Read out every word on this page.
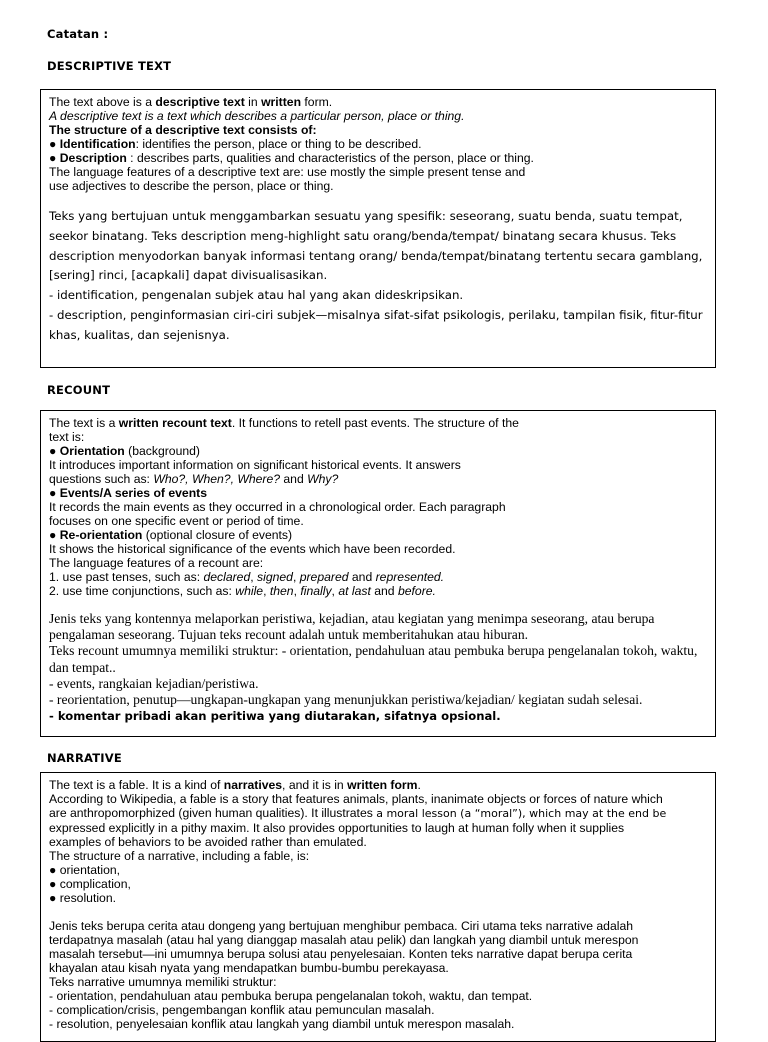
Catatan :
DESCRIPTIVE TEXT

The text above is a descriptive text in written form.

A descriptive text is a text which describes a particular person, place or thing.

The structure of a descriptive text consists of:

● Identification: identifies the person, place or thing to be described.

● Description : describes parts, qualities and characteristics of the person, place or thing.

The language features of a descriptive text are: use mostly the simple present tense and

use adjectives to describe the person, place or thing.

Teks yang bertujuan untuk menggambarkan sesuatu yang spesifik: seseorang, suatu benda, suatu tempat, seekor binatang. Teks description meng-highlight satu orang/benda/tempat/ binatang secara khusus. Teks description menyodorkan banyak informasi tentang orang/ benda/tempat/binatang tertentu secara gamblang, [sering] rinci, [acapkali] dapat divisualisasikan.

- identification, pengenalan subjek atau hal yang akan dideskripsikan.

- description, penginformasian ciri-ciri subjek—misalnya sifat-sifat psikologis, perilaku, tampilan fisik, fitur-fitur khas, kualitas, dan sejenisnya.

RECOUNT

The text is a written recount text. It functions to retell past events. The structure of the

text is:

● Orientation (background)

It introduces important information on significant historical events. It answers

questions such as: Who?, When?, Where? and Why?

● Events/A series of events

It records the main events as they occurred in a chronological order. Each paragraph

focuses on one specific event or period of time.

● Re-orientation (optional closure of events)

It shows the historical significance of the events which have been recorded.

The language features of a recount are:

1. use past tenses, such as: declared, signed, prepared and represented.

2. use time conjunctions, such as: while, then, finally, at last and before.

Jenis teks yang kontennya melaporkan peristiwa, kejadian, atau kegiatan yang menimpa seseorang, atau berupa pengalaman seseorang. Tujuan teks recount adalah untuk memberitahukan atau hiburan.

Teks recount umumnya memiliki struktur: - orientation, pendahuluan atau pembuka berupa pengelanalan tokoh, waktu, dan tempat..

- events, rangkaian kejadian/peristiwa.

- reorientation, penutup—ungkapan-ungkapan yang menunjukkan peristiwa/kejadian/ kegiatan sudah selesai.

- komentar pribadi akan peritiwa yang diutarakan, sifatnya opsional.

NARRATIVE

The text is a fable. It is a kind of narratives, and it is in written form.

According to Wikipedia, a fable is a story that features animals, plants, inanimate objects or forces of nature which

are anthropomorphized (given human qualities). It illustrates a moral lesson (a “moral”), which may at the end be

expressed explicitly in a pithy maxim. It also provides opportunities to laugh at human folly when it supplies

examples of behaviors to be avoided rather than emulated.

The structure of a narrative, including a fable, is:

● orientation,

● complication,

● resolution.

Jenis teks berupa cerita atau dongeng yang bertujuan menghibur pembaca. Ciri utama teks narrative adalah

terdapatnya masalah (atau hal yang dianggap masalah atau pelik) dan langkah yang diambil untuk merespon

masalah tersebut—ini umumnya berupa solusi atau penyelesaian. Konten teks narrative dapat berupa cerita

khayalan atau kisah nyata yang mendapatkan bumbu-bumbu perekayasa.

Teks narrative umumnya memiliki struktur:

- orientation, pendahuluan atau pembuka berupa pengelanalan tokoh, waktu, dan tempat.

- complication/crisis, pengembangan konflik atau pemunculan masalah.

- resolution, penyelesaian konflik atau langkah yang diambil untuk merespon masalah.
